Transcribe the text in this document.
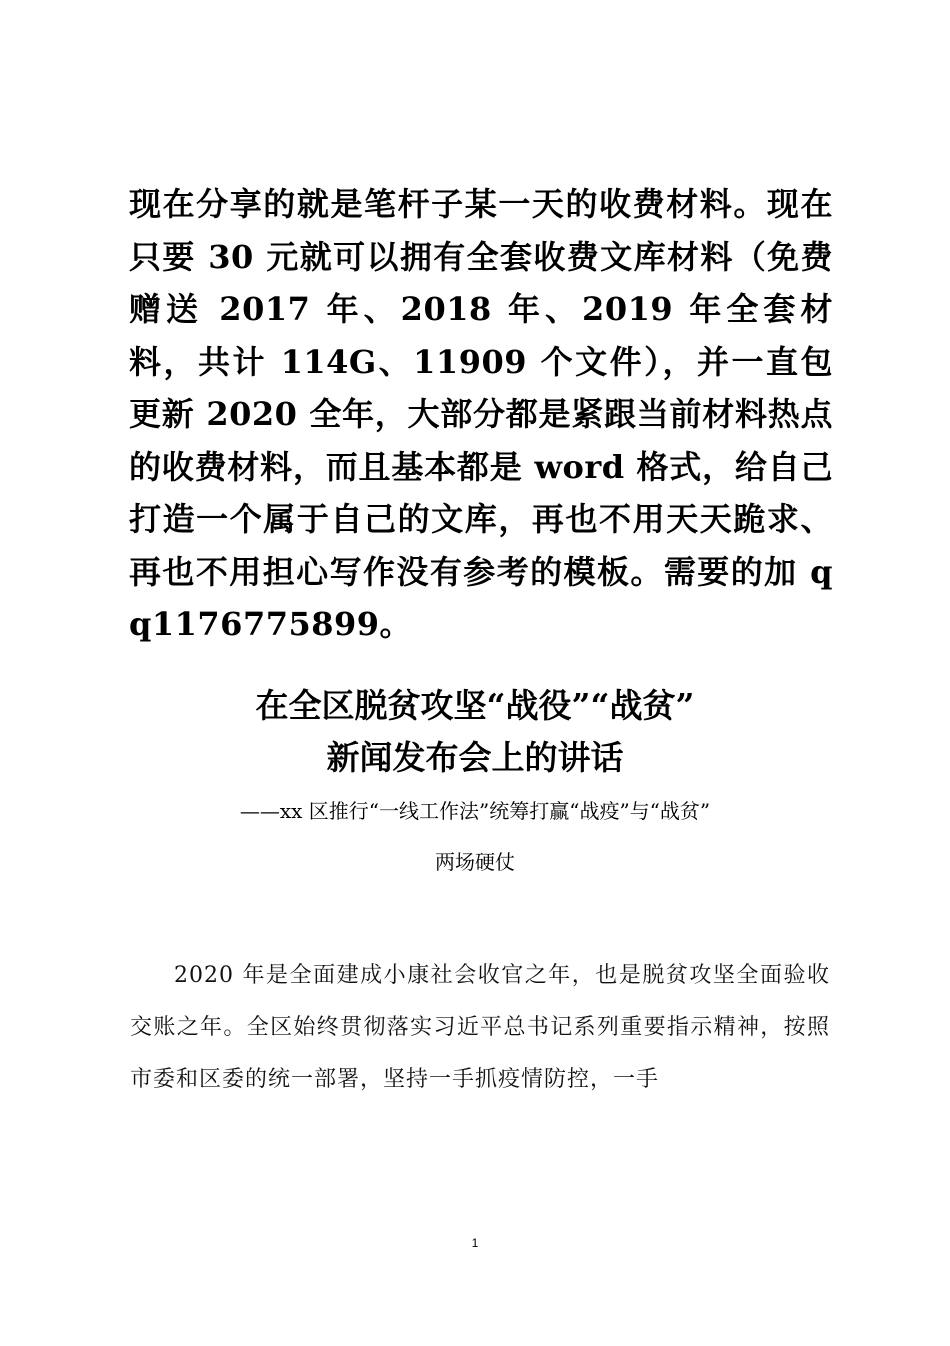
现在分享的就是笔杆子某一天的收费材料。现在只要 30 元就可以拥有全套收费文库材料（免费赠送 2017 年、2018 年、2019 年全套材料，共计 114G、11909 个文件），并一直包更新 2020 全年，大部分都是紧跟当前材料热点的收费材料，而且基本都是 word 格式，给自己打造一个属于自己的文库，再也不用天天跪求、再也不用担心写作没有参考的模板。需要的加 qq1176775899。
在全区脱贫攻坚“战役”“战贫”
新闻发布会上的讲话
——xx 区推行“一线工作法”统筹打赢“战疫”与“战贫”
两场硬仗
2020 年是全面建成小康社会收官之年，也是脱贫攻坚全面验收交账之年。全区始终贯彻落实习近平总书记系列重要指示精神，按照市委和区委的统一部署，坚持一手抓疫情防控，一手
1
